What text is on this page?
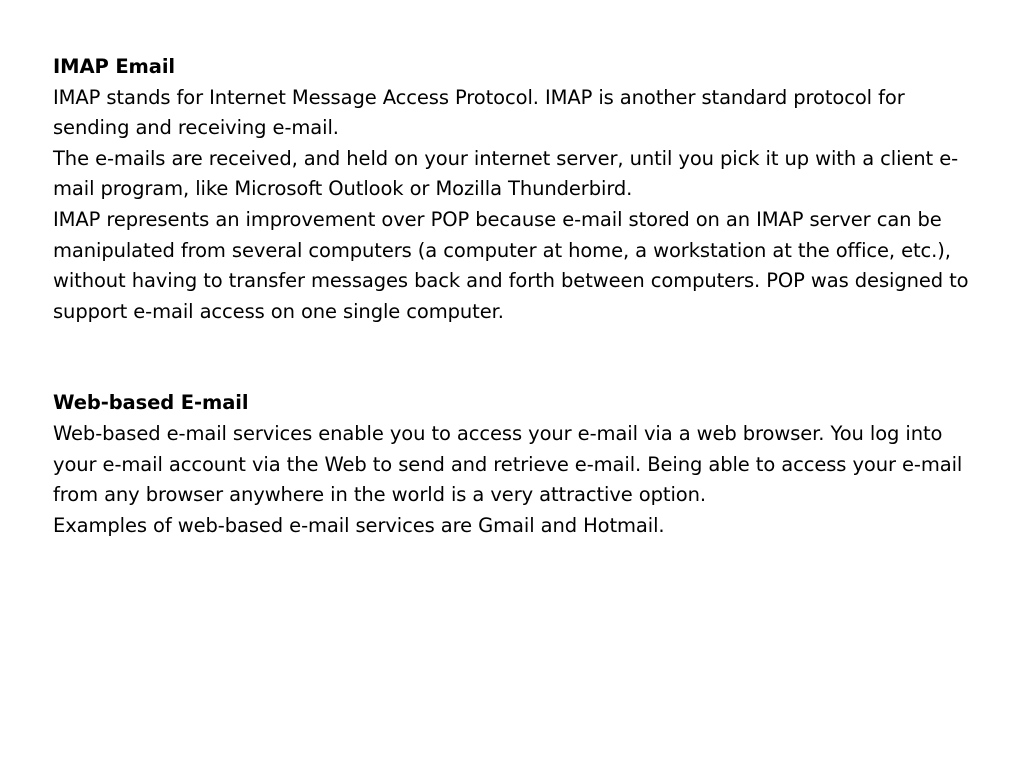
IMAP Email

IMAP stands for Internet Message Access Protocol. IMAP is another standard protocol for sending and receiving e-mail.

The e-mails are received, and held on your internet server, until you pick it up with a client e-mail program, like Microsoft Outlook or Mozilla Thunderbird.

IMAP represents an improvement over POP because e-mail stored on an IMAP server can be manipulated from several computers (a computer at home, a workstation at the office, etc.), without having to transfer messages back and forth between computers. POP was designed to support e-mail access on one single computer.

Web-based E-mail

Web-based e-mail services enable you to access your e-mail via a web browser. You log into your e-mail account via the Web to send and retrieve e-mail. Being able to access your e-mail from any browser anywhere in the world is a very attractive option.

Examples of web-based e-mail services are Gmail and Hotmail.
